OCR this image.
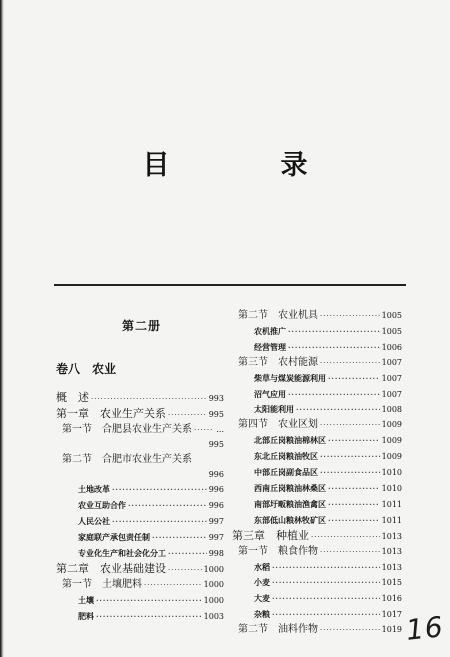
目　录
第二册
卷八　农业
概　述 ·····	993
第一章　农业生产关系 ·····	995
第一节　合肥县农业生产关系 ·····	...
995
第二节　合肥市农业生产关系
996
土地改革 ·····	996
农业互助合作 ·····	996
人民公社 ·····	997
家庭联产承包责任制 ·····	997
专业化生产和社会化分工 ·····	998
第二章　农业基础建设 ·····	1000
第一节　土壤肥料 ·····	1000
土壤 ·····	1000
肥料 ·····	1003
第二节　农业机具 ·····	1005
农机推广 ·····	1005
经营管理 ·····	1006
第三节　农村能源 ·····	1007
柴草与煤炭能源利用 ·····	1007
沼气应用 ·····	1007
太阳能利用 ·····	1008
第四节　农业区划 ·····	1009
北部丘岗粮油棉林区 ·····	1009
东北丘岗粮油牧区 ·····	1009
中部丘岗副食品区 ·····	1010
西南丘岗粮油林桑区 ·····	1010
南部圩畈粮油渔禽区 ·····	1011
东部低山粮林牧矿区 ·····	1011
第三章　种植业 ·····	1013
第一节　粮食作物 ·····	1013
水稻 ·····	1013
小麦 ·····	1015
大麦 ·····	1016
杂粮 ·····	1017
第二节　油料作物 ·····	1019 16
